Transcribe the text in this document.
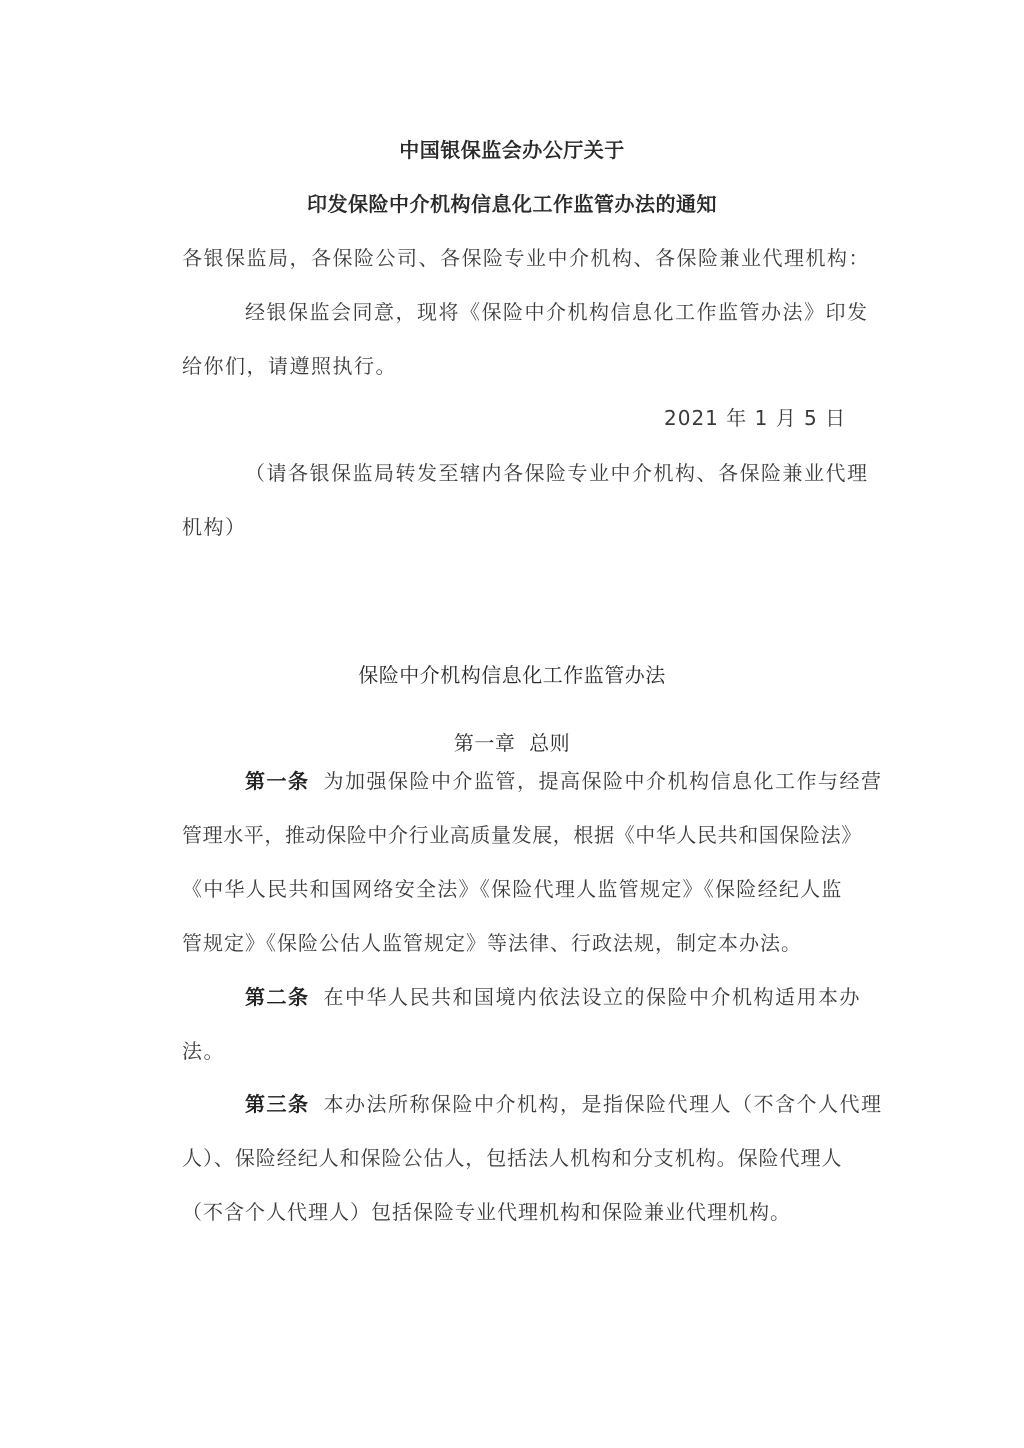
中国银保监会办公厅关于
印发保险中介机构信息化工作监管办法的通知
各银保监局，各保险公司、各保险专业中介机构、各保险兼业代理机构：
经银保监会同意，现将《保险中介机构信息化工作监管办法》印发
给你们，请遵照执行。
2021 年 1 月 5 日
（请各银保监局转发至辖内各保险专业中介机构、各保险兼业代理
机构）
保险中介机构信息化工作监管办法
第一章  总则
第一条 为加强保险中介监管，提高保险中介机构信息化工作与经营
管理水平，推动保险中介行业高质量发展，根据《中华人民共和国保险法》
《中华人民共和国网络安全法》《保险代理人监管规定》《保险经纪人监
管规定》《保险公估人监管规定》等法律、行政法规，制定本办法。
第二条 在中华人民共和国境内依法设立的保险中介机构适用本办
法。
第三条 本办法所称保险中介机构，是指保险代理人（不含个人代理
人）、保险经纪人和保险公估人，包括法人机构和分支机构。保险代理人
（不含个人代理人）包括保险专业代理机构和保险兼业代理机构。
